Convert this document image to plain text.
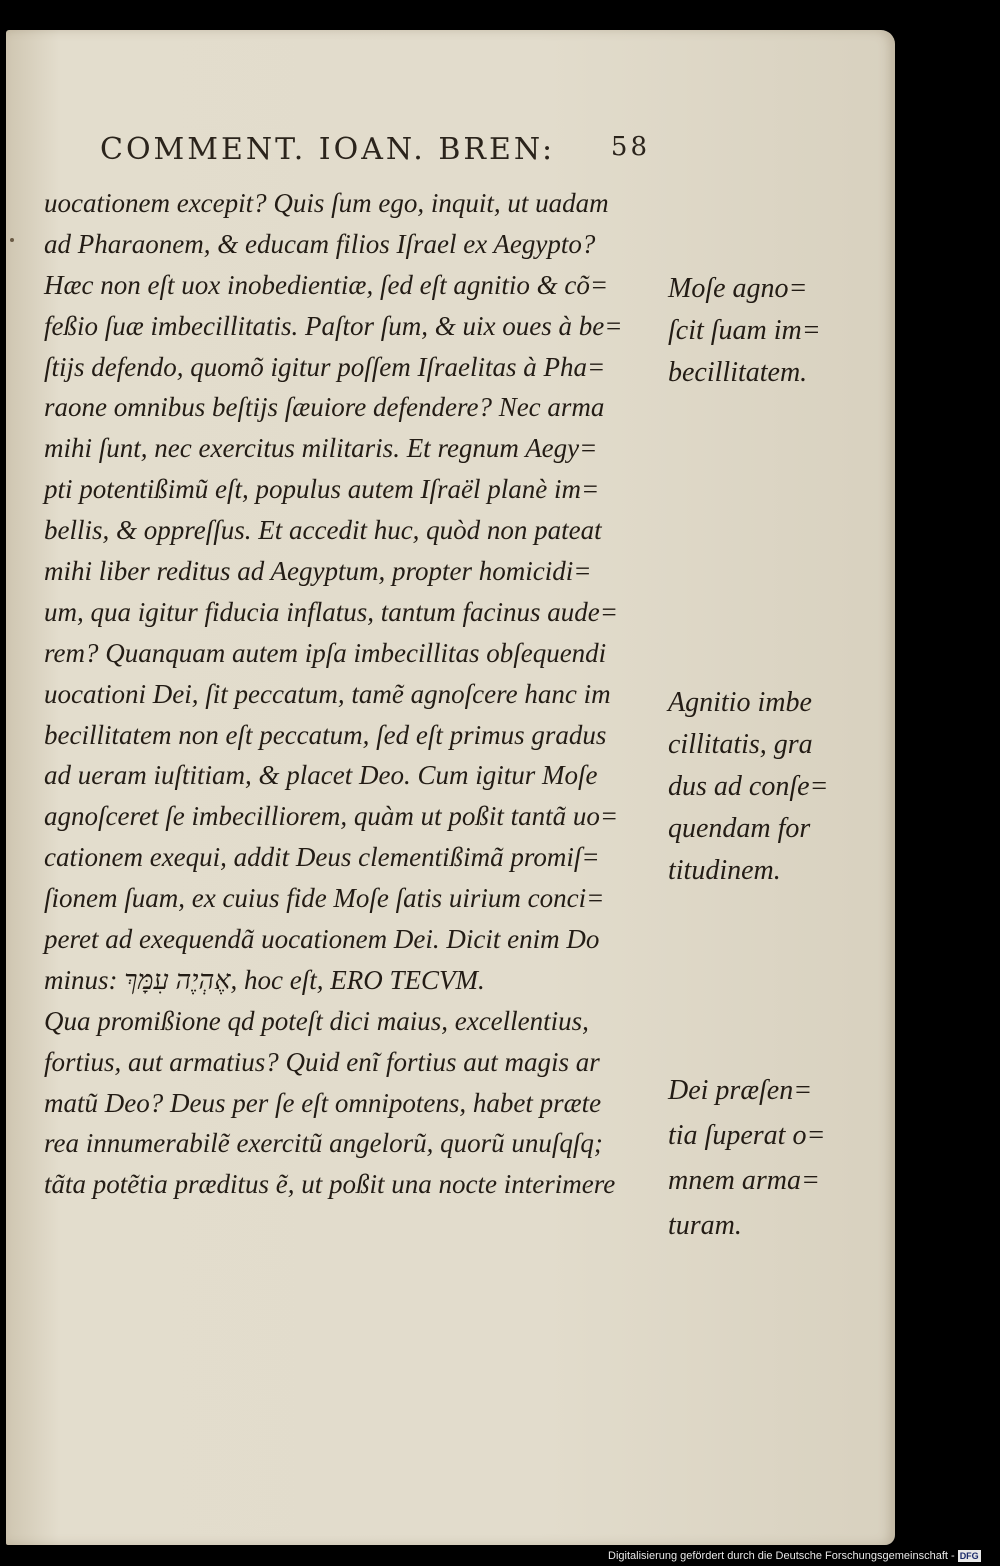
COMMENT. IOAN. BREN: 58
uocationem excepit? Quis ſum ego, inquit, ut uadam
ad Pharaonem, & educam filios Iſrael ex Aegypto?
Hæc non eſt uox inobedientiæ, ſed eſt agnitio & cõ=
feßio ſuæ imbecillitatis. Paſtor ſum, & uix oues à be=
ſtijs defendo, quomõ igitur poſſem Iſraelitas à Pha=
raone omnibus beſtijs ſæuiore defendere? Nec arma
mihi ſunt, nec exercitus militaris. Et regnum Aegy=
pti potentißimũ eſt, populus autem Iſraël planè im=
bellis, & oppreſſus. Et accedit huc, quòd non pateat
mihi liber reditus ad Aegyptum, propter homicidi=
um, qua igitur fiducia inflatus, tantum facinus aude=
rem? Quanquam autem ipſa imbecillitas obſequendi
uocationi Dei, ſit peccatum, tamẽ agnoſcere hanc im
becillitatem non eſt peccatum, ſed eſt primus gradus
ad ueram iuſtitiam, & placet Deo. Cum igitur Moſe
agnoſceret ſe imbecilliorem, quàm ut poßit tantã uo=
cationem exequi, addit Deus clementißimã promiſ=
ſionem ſuam, ex cuius fide Moſe ſatis uirium conci=
peret ad exequendã uocationem Dei. Dicit enim Do
minus: אֶהְיֶה עִמָּךְ, hoc eſt, ERO TECVM.
Qua promißione qd poteſt dici maius, excellentius,
fortius, aut armatius? Quid enĩ fortius aut magis ar
matũ Deo? Deus per ſe eſt omnipotens, habet præte
rea innumerabilẽ exercitũ angelorũ, quorũ unuſqſq;
tãta potẽtia præditus ẽ, ut poßit una nocte interimere
Moſe agno=
ſcit ſuam im=
becillitatem.
Agnitio imbe
cillitatis, gra
dus ad conſe=
quendam for
titudinem.
Dei præſen=
tia ſuperat o=
mnem arma=
turam.
Digitalisierung gefördert durch die Deutsche Forschungsgemeinschaft - DFG
